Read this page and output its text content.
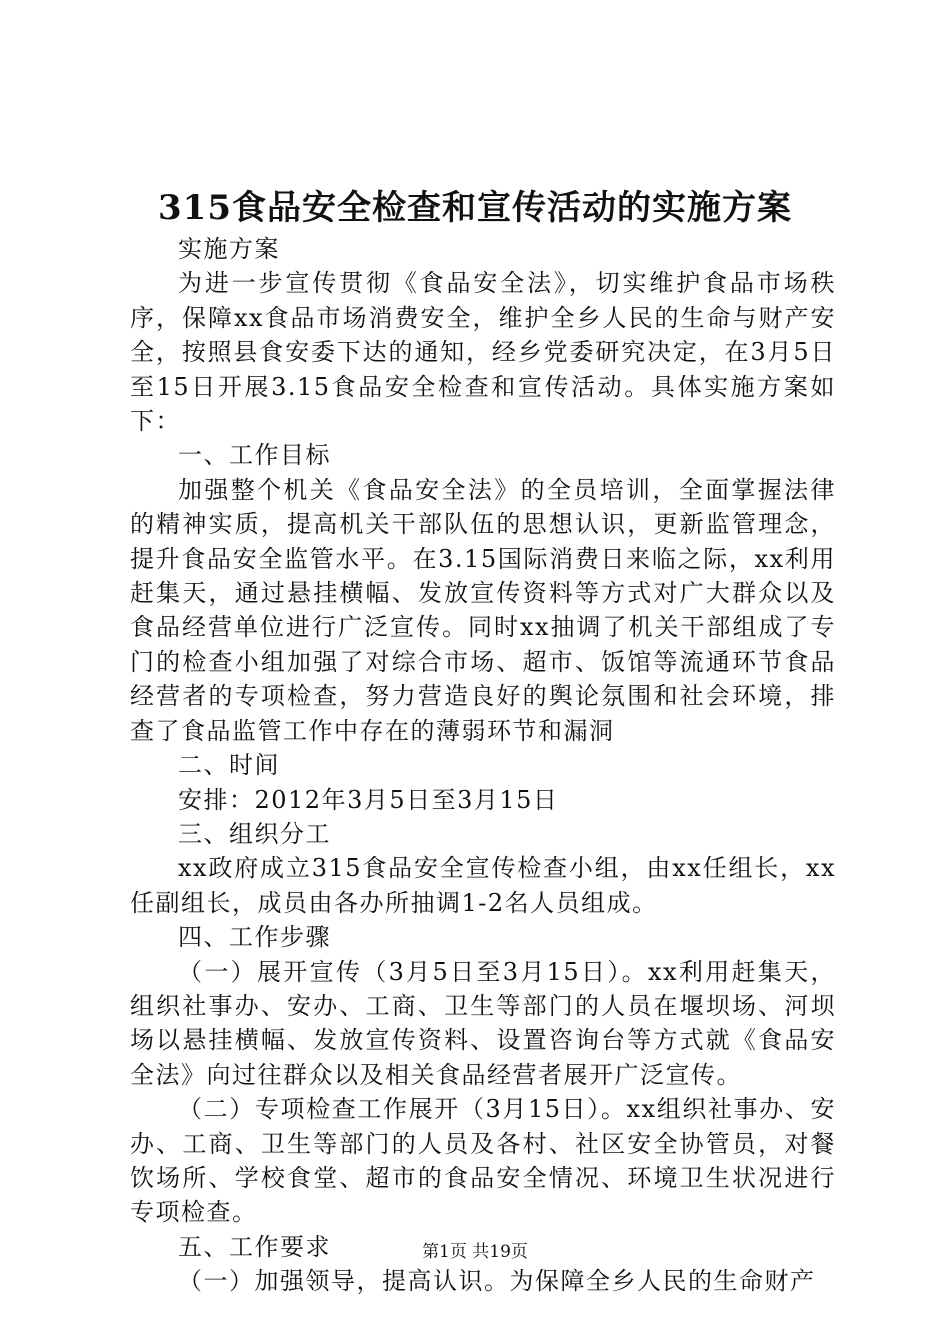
315食品安全检查和宣传活动的实施方案

实施方案

为进一步宣传贯彻《食品安全法》，切实维护食品市场秩序，保障xx食品市场消费安全，维护全乡人民的生命与财产安全，按照县食安委下达的通知，经乡党委研究决定，在3月5日至15日开展3.15食品安全检查和宣传活动。具体实施方案如下：

一、工作目标

加强整个机关《食品安全法》的全员培训，全面掌握法律的精神实质，提高机关干部队伍的思想认识，更新监管理念，提升食品安全监管水平。在3.15国际消费日来临之际，xx利用赶集天，通过悬挂横幅、发放宣传资料等方式对广大群众以及食品经营单位进行广泛宣传。同时xx抽调了机关干部组成了专门的检查小组加强了对综合市场、超市、饭馆等流通环节食品经营者的专项检查，努力营造良好的舆论氛围和社会环境，排查了食品监管工作中存在的薄弱环节和漏洞

二、时间

安排：2012年3月5日至3月15日

三、组织分工

xx政府成立315食品安全宣传检查小组，由xx任组长，xx任副组长，成员由各办所抽调1-2名人员组成。

四、工作步骤

（一）展开宣传（3月5日至3月15日）。xx利用赶集天，组织社事办、安办、工商、卫生等部门的人员在堰坝场、河坝场以悬挂横幅、发放宣传资料、设置咨询台等方式就《食品安全法》向过往群众以及相关食品经营者展开广泛宣传。

（二）专项检查工作展开（3月15日）。xx组织社事办、安办、工商、卫生等部门的人员及各村、社区安全协管员，对餐饮场所、学校食堂、超市的食品安全情况、环境卫生状况进行专项检查。

五、工作要求

（一）加强领导，提高认识。为保障全乡人民的生命财产

第1页 共19页
